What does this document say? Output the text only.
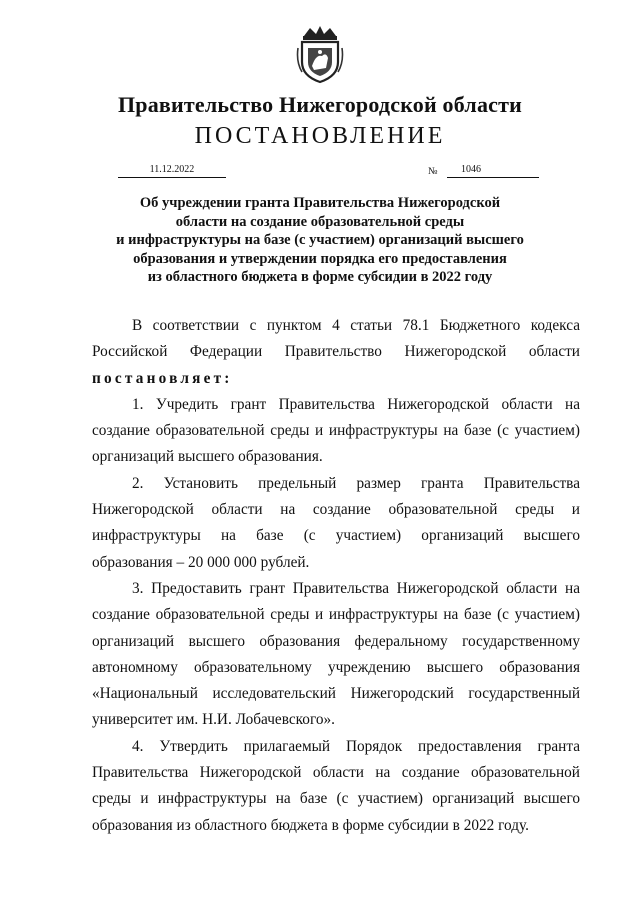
Правительство Нижегородской области
ПОСТАНОВЛЕНИЕ
11.12.2022	№ 1046
Об учреждении гранта Правительства Нижегородской
области на создание образовательной среды
и инфраструктуры на базе (с участием) организаций высшего
образования и утверждении порядка его предоставления
из областного бюджета в форме субсидии в 2022 году
В соответствии с пунктом 4 статьи 78.1 Бюджетного кодекса
Российской Федерации Правительство Нижегородской области
постановляет:
1. Учредить грант Правительства Нижегородской области на
создание образовательной среды и инфраструктуры на базе (с участием)
организаций высшего образования.
2. Установить предельный размер гранта Правительства
Нижегородской области на создание образовательной среды и
инфраструктуры на базе (с участием) организаций высшего
образования – 20 000 000 рублей.
3. Предоставить грант Правительства Нижегородской области на
создание образовательной среды и инфраструктуры на базе (с участием)
организаций высшего образования федеральному государственному
автономному образовательному учреждению высшего образования
«Национальный исследовательский Нижегородский государственный
университет им. Н.И. Лобачевского».
4. Утвердить прилагаемый Порядок предоставления гранта
Правительства Нижегородской области на создание образовательной
среды и инфраструктуры на базе (с участием) организаций высшего
образования из областного бюджета в форме субсидии в 2022 году.
